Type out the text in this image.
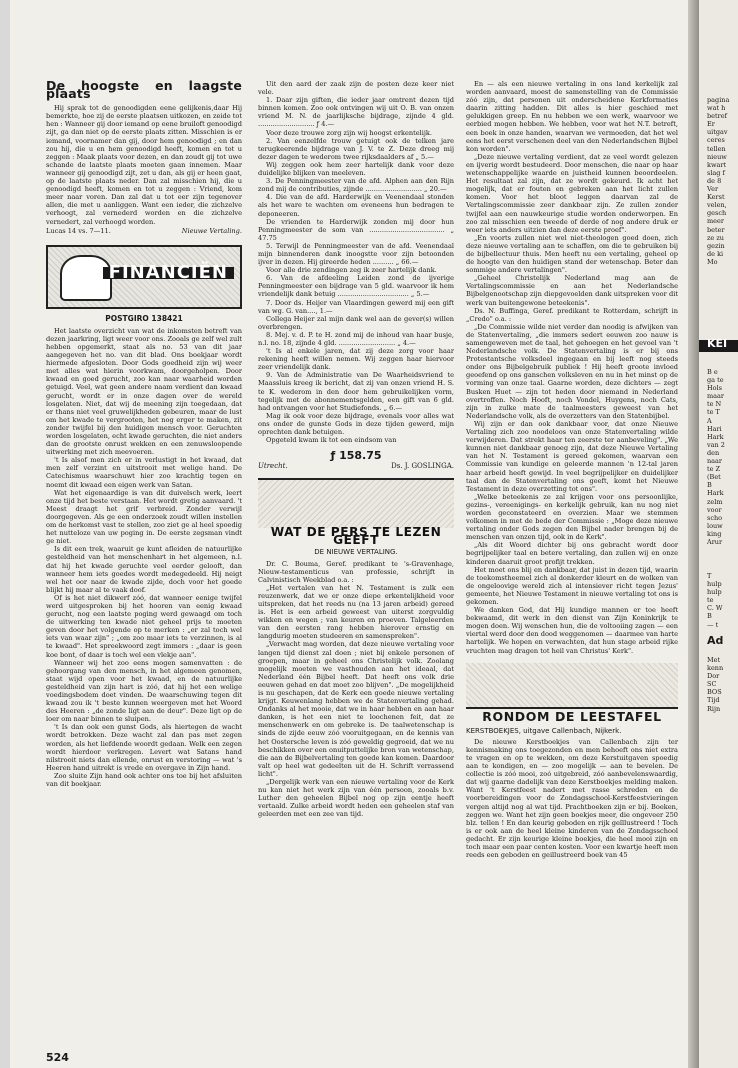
De hoogste en laagste plaats

Hij sprak tot de genoodigden eene gelijkenis,daar Hij bemerkte, hoe zij de eerste plaatsen uitkozen, en zeide tot hen : Wanneer gij door iemand op eene bruiloft genoodigd zijt, ga dan niet op de eerste plaats zitten. Misschien is er iemand, voornamer dan gij, door hem genoodigd ; en dan zou hij, die u en hem genoodigd heeft, komen en tot u zeggen : Maak plaats voor dezen, en dan zoudt gij tot uwe schande de laatste plaats moeten gaan innemen. Maar wanneer gij genoodigd zijt, zet u dan, als gij er heen gaat, op de laatste plaats neder. Dan zal misschien hij, die u genoodigd heeft, komen en tot u zeggen : Vriend, kom meer naar voren. Dan zal dat u tot eer zijn tegenover allen, die met u aanliggen. Want een ieder, die zichzelve verhoogt, zal vernederd worden en die zichzelve vernedert, zal verhoogd worden.

Lucas 14 vs. 7—11.	Nieuwe Vertaling.
FINANCIËN
POSTGIRO 138421

Het laatste overzicht van wat de inkomsten betreft van dezen jaarkring, ligt weer voor ons. Zooals ge zelf wel zult hebben opgemerkt, staat als no. 53 van dit jaar aangegeven het no. van dit blad. Ons boekjaar wordt hiermede afgesloten. Door Gods goedheid zijn wij weer met alles wat hierin voorkwam, doorgeholpen. Door kwaad en goed gerucht, zoo kan naar waarheid worden getuigd. Veel, wat geen andere naam verdient dan kwaad gerucht, wordt er in onze dagen over de wereld losgelaten. Niet, dat wij de meening zijn toegedaan, dat er thans niet veel gruwelijkheden gebeuren, maar de lust om het kwade te vergrooten, het nog erger te maken, zit zonder twijfel bij den huidigen mensch voor. Geruchten worden losgelaten, echt kwade geruchten, die niet anders dan de grootste onrust wekken en een zenuwsloopende uitwerking met zich meevoeren.

't Is alsof men zich er in verlustigt in het kwaad, dat men zelf verzint en uitstrooit met welige hand. De Catechismus waarschuwt hier zoo krachtig tegen en noemt dit kwaad een eigen werk van Satan.

Wat het eigenaardige is van dit duivelsch werk, leert onze tijd het beste verstaan. Het wordt gretig aanvaard. 't Meest draagt het grif verbreid. Zonder verwijl doorgegeven. Als ge een onderzoek zoudt willen instellen om de herkomst vast te stellen, zoo ziet ge al heel spoedig het nutteloze van uw poging in. De eerste zegsman vindt ge niet.

Is dit een trek, waaruit ge kunt afleiden de natuurlijke gesteldheid van het menschenhart in het algemeen, n.l. dat hij het kwade geruchte veel eerder gelooft, dan wanneer hem iets goedes wordt medegedeeld. Hij neigt wel het oor naar de kwade zijde, doch voor het goede blijkt hij maar al te vaak doof.

Of is het niet dikwerf zóó, dat wanneer eenige twijfel werd uitgesproken bij het hooren van eenig kwaad gerucht, nog een laatste poging werd gewaagd om toch de uitwerking ten kwade niet geheel prijs te moeten geven door het volgende op te merken : „er zal toch wel iets van waar zijn" ; „om zoo maar iets te verzinnen, is al te kwaad". Het spreekwoord zegt immers : „daar is geen koe bont, of daar is toch wel een vlekje aan".

Wanneer wij het zoo eens mogen samenvatten : de gehoorgang van den mensch, in het algemeen genomen, staat wijd open voor het kwaad, en de natuurlijke gesteldheid van zijn hart is zóó, dat hij het een welige voedingsbodem doet vinden. De waarschuwing tegen dit kwaad zou ik 't beste kunnen weergeven met het Woord des Heeren : „de zonde ligt aan de deur". Deze ligt op de loer om naar binnen te sluipen.

't Is dan ook een gunst Gods, als hiertegen de wacht wordt betrokken. Deze wacht zal dan pas met zegen worden, als het liefdende woordt gedaan. Welk een zegen wordt hierdoor verkregen. Levert wat Satans hand nilstrooit niets dan ellende, onrust en verstoring — wat 's Heeren hand uitrekt is vrede en overgave in Zijn hand.

Zoo sluite Zijn hand ook achter ons toe bij het afsluiten van dit boekjaar.

Uit den aard der zaak zijn de posten deze keer niet vele.

1. Daar zijn giften, die ieder jaar omtrent dezen tijd binnen komen. Zoo ook ontvingen wij uit O. B. van onzen vriend M. N. de jaarlijksche bijdrage, zijnde 4 gld. ........................... ƒ 4.—

Voor deze trouwe zorg zijn wij hoogst erkentelijk.

2. Van eenzelfde trouw getuigt ook de telken jare terugkeerende bijdrage van J. V. te Z. Deze dreeg mij dezer dagen te wederom twee rijksdaalders af „ 5.—

Wij zeggen ook hem zeer hartelijk dank voor deze duidelijke blijken van meeleven.

3. De Penningmeester van de afd. Alphen aan den Rijn zond mij de contributies, zijnde ........................... „ 20.—

4. Die van de afd. Harderwijk en Veenendaal stonden als het ware te wachten om eveneens hun bedragen te deponeeren.

De vrienden te Harderwijk zonden mij door hun Penningmeester de som van .................................... „ 47.75

5. Terwijl de Penningmeester van de afd. Veenendaal mijn binnenderen dank inoogstte voor zijn betoonden ijver in dezen. Hij gireerde heden .......... „ 66.—

Voor alle drie zendingen zeg ik zeer hartelijk dank.

6. Van de afdeeling Leiden zond de ijverige Penningmeester een bijdrage van 5 gld. waarvoor ik hem vriendelijk dank betuig .................................. „ 5.—

7. Door ds. Heijer van Vlaardingen gewerd mij een gift van wg. G. van...., 1.—

Collega Heijer zal mijn dank wel aan de gever(s) willen overbrengen.

8. Mej. v. d. P. te H. zond mij de inhoud van haar busje, n.l. no. 18, zijnde 4 gld. ........................... „ 4.—

't Is al enkele jaren, dat zij deze zorg voor haar rekening heeft willen nemen. Wij zeggen haar hiervoor zeer vriendelijk dank.

9. Van de Administratie van De Waarheidsvriend te Maassluis kreeg ik bericht, dat zij van onzen vriend H. S. te K. wederom in den door hem gebruikelijken vorm, tegelijk met de abonnementsgelden, een gift van 6 gld. had ontvangen voor het Studiefonds. „ 6.—

Mag ik ook voor deze bijdrage, evenals voor alles wat ons onder de gunste Gods in deze tijden gewerd, mijn oprechten dank betuigen.

Opgeteld kwam ik tot een eindsom van

ƒ 158.75
Utrecht.	Ds. J. GOSLINGA.
WAT DE PERS TE LEZEN GEEFT
DE NIEUWE VERTALING.

Dr. C. Bouma, Geref. predikant te 's-Gravenhage, Nieuw-testamenticus van professie, schrijft in Calvinistisch Weekblad o.a. :

„Het vertalen van het N. Testament is zulk een reuzenwerk, dat we er onze diepe erkentelijkheid voor uitspreken, dat het reeds nu (na 13 jaren arbeid) gereed is. Het is een arbeid geweest van uiterst zorgvuldig wikken en wegen ; van keuren en proeven. Talgeleerden van den eersten rang hebben hierover ernstig en langdurig moeten studeeren en samenspreken".

„Verwacht mag worden, dat deze nieuwe vertaling voor langen tijd dienst zal doen ; niet bij enkele personen of groepen, maar in geheel ons Christelijk volk. Zoolang mogelijk moeten we vasthouden aan het ideaal, dat Nederland één Bijbel heeft. Dat heeft ons volk drie eeuwen gehad en dat moet zoo blijven". „De mogelijkheid is nu geschapen, dat de Kerk een goede nieuwe vertaling krijgt. Keuwenlang hebben we de Statenvertaling gehad. Ondanks al het mooie, dat we in haar hebben en aan haar danken, is het een niet te loochenen feit, dat ze menschenwerk en om gebreke is. De taalwetenschap is sinds de zijde eeuw zóó vooruitgegaan, en de kennis van het Oostersche leven is zóó geweldig gegroeid, dat we nu beschikken over een onuitputtelijke bron van wetenschap, die aan de Bijbelvertaling ten goede kan komen. Daardoor valt op heel wat gedeelten uit de H. Schrift verrassend licht".

„Dergelijk werk van een nieuwe vertaling voor de Kerk nu kan niet het werk zijn van één persoon, zooals b.v. Luther den geheelen Bijbel nog op zijn eentje heeft vertaald. Zulke arbeid wordt heden een geheelen staf van geleerden met een zee van tijd.

En — als een nieuwe vertaling in ons land kerkelijk zal worden aanvaard, moest de samenstelling van de Commissie zóó zijn, dat personen uit onderscheidene Kerkformaties daarin zitting hadden. Dit alles is hier geschied met gelukkigen greep. En nu hebben we een werk, waarvoor we eerbied mogen hebben. We hebben, voor wat het N.T. betreft, een boek in onze handen, waarvan we vermoeden, dat het wel eens het eerst verschenen deel van den Nederlandschen Bijbel kon worden".

„Deze nieuwe vertaling verdient, dat ze veel wordt gelezen en ijverig wordt bestudeerd. Door menschen, die naar op haar wetenschappelijke waarde en juistheid kunnen beoordeelen. Het resultaat zal zijn, dat ze wordt gekeurd. Ik acht het mogelijk, dat er fouten en gebreken aan het licht zullen komen. Voor het bloot leggen daarvan zal de Vertalingscommissie zeer dankbaar zijn. Ze zullen zonder twijfel aan een nauwkeurige studie worden onderworpen. En zoo zal misschien een tweede of derde of nog andere druk er weer iets anders uitzien dan deze eerste proef".

„En voorts zullen niet wel niet-theologen goed doen, zich deze nieuwe vertaling aan te schaffen, om die te gebruiken bij de bijbellectuur thuis. Men heeft nu een vertaling, geheel op de hoogte van den huidigen stand der wetenschap. Beter dan sommige andere vertalingen".

„Geheel Christelijk Nederland mag aan de Vertalingscommissie en aan het Nederlandsche Bijbelgenootschap zijn diepgevoelden dank uitspreken voor dit werk van buitengewone beteekenis".

Ds. N. Buffinga, Geref. predikant te Rotterdam, schrijft in „Credo" o.a. :

„De Commissie wilde niet verder dan noodig is afwijken van de Statenvertaling, „die immers sedert eeuwen zoo nauw is samengeweven met de taal, het gehoegen en het gevoel van 't Nederlandsche volk. De Statenvertaling is er bij ons Protestantsche volksdeel ingegaan en bij leeft nog steeds onder ons Bijbelgebruik publiek ! Hij heeft groote invloed geoefend op ons ganschen volksleven en nu in het minst op de vorming van onze taal. Gaarne worden, deze dichters — zegt Busken Huet — zijn tot heden door niemand in Nederland overtroffen. Noch Hooft, noch Vondel, Huygens, noch Cats, zijn in zulke mate de taalmeesters geweest van het Nederlandsche volk, als de overzetters van den Statenbijbel.

Wij zijn er dan ook dankbaar voor, dat onze Nieuwe Vertaling zich zoo noodeloos van onze Statenvertaling wilde verwijderen. Dat strekt haar ten zeerste ter aanbeveling". „We kunnen niet dankbaar genoeg zijn, dat deze Nieuwe Vertaling van het N. Testament is gereed gekomen, waarvan een Commissie van kundige en geleerde mannen 'n 12-tal jaren haar arbeid heeft gewijd. In veel begrijpelijker en duidelijker taal dan de Statenvertaling ons geeft, komt het Nieuwe Testament in deze overzetting tot ons".

„Welke beteekenis ze zal krijgen voor ons persoonlijke, gezins-, vereenigings- en kerkelijk gebruik, kan nu nog niet worden geconstateerd en overzien. Maar we stemmen volkomen in met de bede der Commissie : „Moge deze nieuwe vertaling onder Gods zegen den Bijbel nader brengen bij de menschen van onzen tijd, ook in de Kerk".

„Als dit Woord dichter bij ons gebracht wordt door begrijpelijker taal en betere vertaling, dan zullen wij en onze kinderen daaruit groot profijt trekken.

Het moet ons blij en dankbaar, dat juist in dezen tijd, waarin de toekomstheemel zich al donkerder kleurt en de wolken van de ongeloovige wereld zich al intensiever richt tegen Jezus' gemeente, het Nieuwe Testament in nieuwe vertaling tot ons is gekomen.

We danken God, dat Hij kundige mannen er toe heeft bekwaamd, dit werk in den dienst van Zijn Koninkrijk te mogen doen. Wij wenschen hun, die de voltooiing zagen — een viertal werd door den dood weggenomen — daarmee van harte hartelijk. We hopen en verwachten, dat hun stage arbeid rijke vruchten mag dragen tot heil van Christus' Kerk".

RONDOM DE LEESTAFEL
KERSTBOEKJES, uitgave Callenbach, Nijkerk.

De nieuwe Kerstboekjes van Callenbach zijn ter kennismaking ons toegezonden en men behoeft ons niet extra te vragen en op te wekken, om deze Kerstuitgaven spoedig aan te kondigen, en — zoo mogelijk — aan te bevelen. De collectie is zóó mooi, zoó uitgebreid, zóó aanbevelenswaardig, dat wij gaarne dadelijk van deze Kerstboekjes melding maken. Want 't Kerstfeest nadert met rasse schreden en de voorbereidingen voor de Zondagsschool-Kerstfeestvieringen vergen altijd nog al wat tijd. Prachtboeken zijn er bij. Boeken, zeggen we. Want het zijn geen boekjes meer, die ongeveer 250 blz. tellen ! En dan keurig geboden en rijk geïllustreerd ! Toch is er ook aan de heel kleine kinderen van de Zondagsschool gedacht. Er zijn keurige kleine boekjes, die heel mooi zijn en toch maar een paar centen kosten. Voor een kwartje heeft men reeds een geboden en geillustreerd boek van 45

524
pagina
wat h
betref
Er
uitgav
ceres
tellen
nieuw
kwart
slag f
de 8
Ver
Kerst
velen,
gesch
meer
beter
ze zu
gezin
de ki
Mo
KEI
B e
ga te
Hols
maar
te N
te T
A
Hari
Hark
van 2
den
naar
te Z
(Bet
B
Hark
zelm
voor
scho
louw
king
Arur
T
hulp
hulp
te
C. W
B
— t
Ad
Met
kenn
Dor
SC
BOS
Tijd
Rijn
